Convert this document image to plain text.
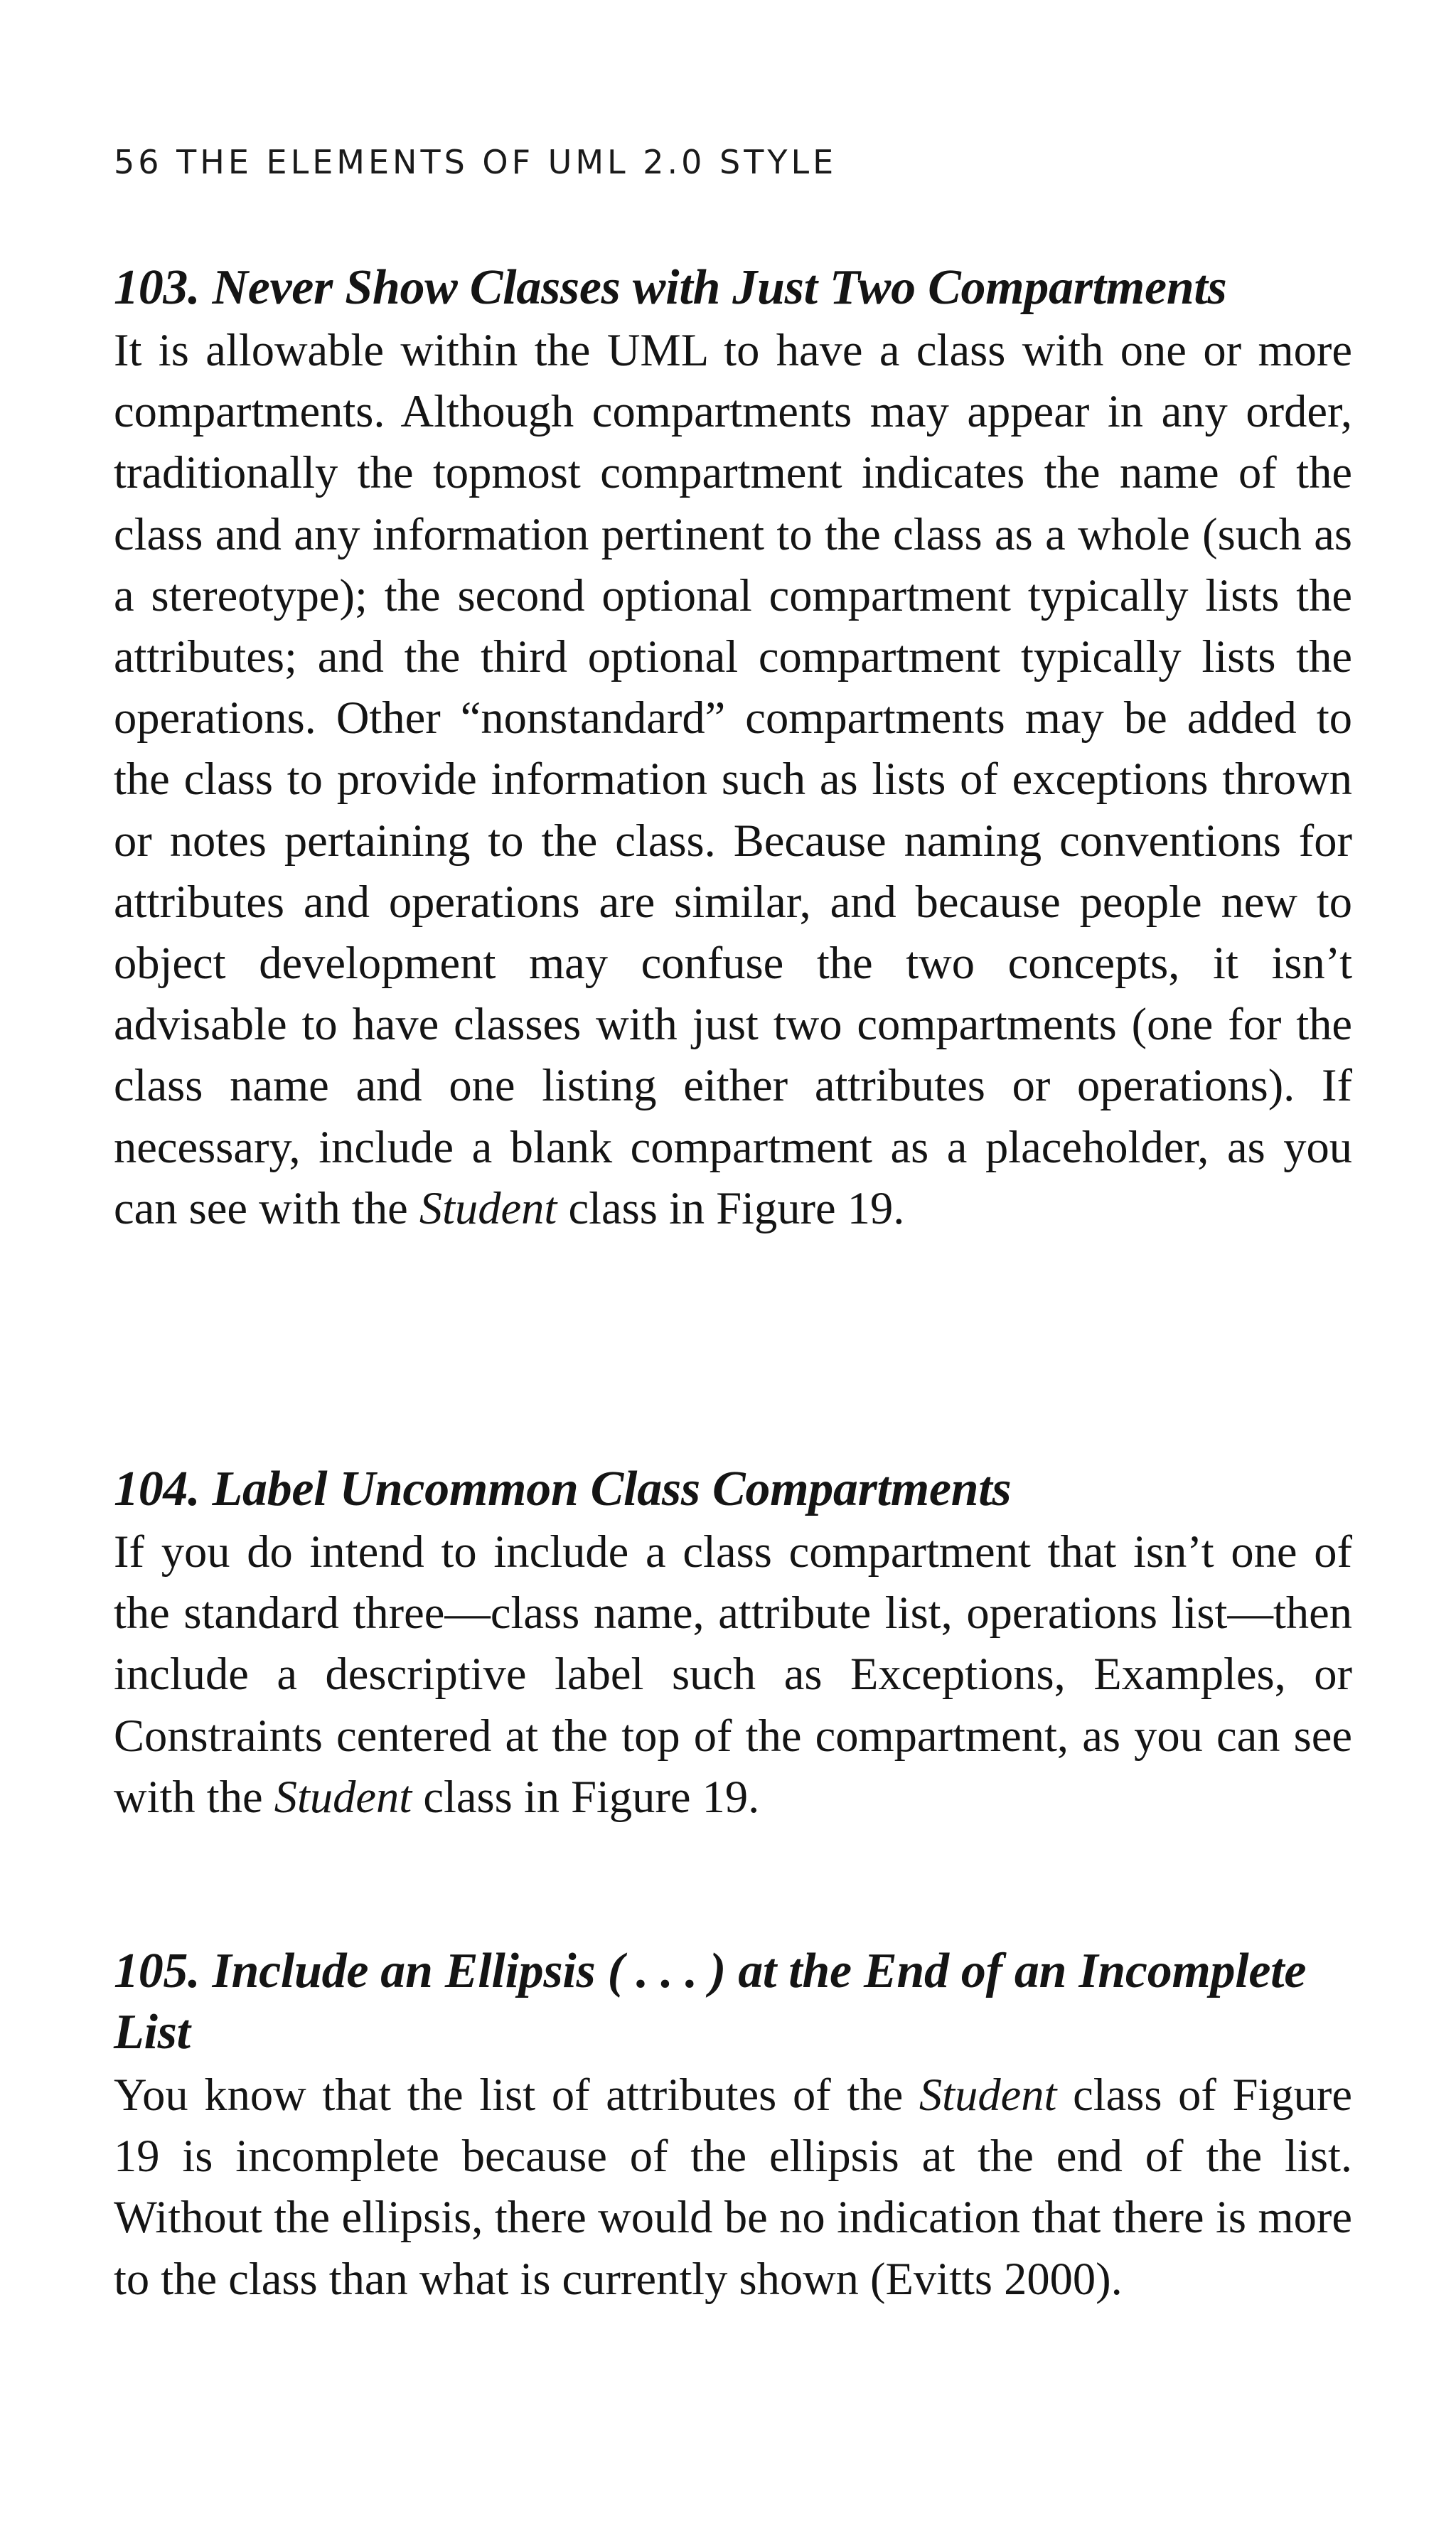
56 THE ELEMENTS OF UML 2.0 STYLE
103. Never Show Classes with Just Two Compartments

It is allowable within the UML to have a class with one or more compartments. Although compartments may appear in any order, traditionally the topmost compartment indicates the name of the class and any information pertinent to the class as a whole (such as a stereotype); the second optional compartment typically lists the attributes; and the third optional compartment typically lists the operations. Other “nonstandard” compartments may be added to the class to provide information such as lists of exceptions thrown or notes pertaining to the class. Because naming conventions for attributes and operations are similar, and because people new to object development may confuse the two concepts, it isn’t advisable to have classes with just two compartments (one for the class name and one listing either attributes or operations). If necessary, include a blank compartment as a placeholder, as you can see with the Student class in Figure 19.

104. Label Uncommon Class Compartments

If you do intend to include a class compartment that isn’t one of the standard three—class name, attribute list, operations list—then include a descriptive label such as Exceptions, Examples, or Constraints centered at the top of the compartment, as you can see with the Student class in Figure 19.

105. Include an Ellipsis ( . . . ) at the End of an Incomplete List

You know that the list of attributes of the Student class of Figure 19 is incomplete because of the ellipsis at the end of the list. Without the ellipsis, there would be no indication that there is more to the class than what is currently shown (Evitts 2000).
